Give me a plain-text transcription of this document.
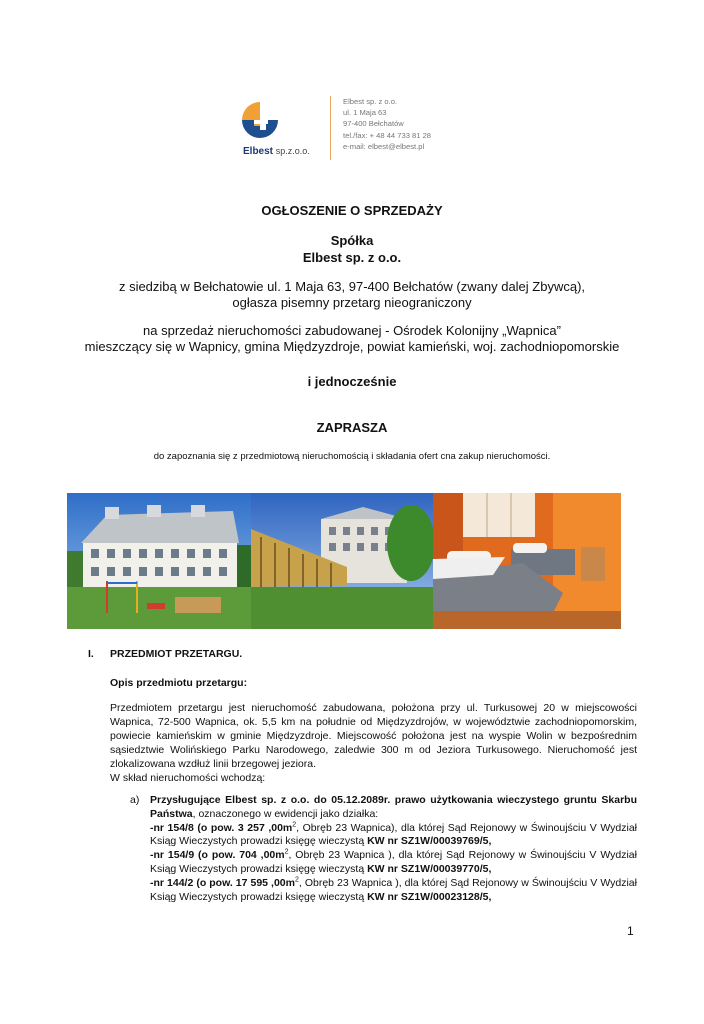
Elbest sp.z.o.o.
Elbest sp. z o.o.
ul. 1 Maja 63
97-400 Bełchatów
tel./fax: + 48 44 733 81 28
e-mail: elbest@elbest.pl
OGŁOSZENIE O SPRZEDAŻY
Spółka
Elbest sp. z o.o.
z siedzibą w Bełchatowie ul. 1 Maja 63, 97-400 Bełchatów (zwany dalej Zbywcą),
ogłasza pisemny przetarg nieograniczony
na sprzedaż nieruchomości zabudowanej - Ośrodek Kolonijny „Wapnica”
mieszczący się w Wapnicy, gmina Międzyzdroje, powiat kamieński, woj. zachodniopomorskie
i jednocześnie
ZAPRASZA
do zapoznania się z przedmiotową nieruchomością i składania ofert cna zakup nieruchomości.
I. PRZEDMIOT PRZETARGU.
Opis przedmiotu przetargu:

Przedmiotem przetargu jest nieruchomość zabudowana, położona przy ul. Turkusowej 20 w miejscowości Wapnica, 72-500 Wapnica, ok. 5,5 km na południe od Międzyzdrojów, w województwie zachodniopomorskim, powiecie kamieńskim w gminie Międzyzdroje. Miejscowość położona jest na wyspie Wolin w bezpośrednim sąsiedztwie Wolińskiego Parku Narodowego, zaledwie 300 m od Jeziora Turkusowego. Nieruchomość jest zlokalizowana wzdłuż linii brzegowej jeziora.

W skład nieruchomości wchodzą:

a) Przysługujące Elbest sp. z o.o. do 05.12.2089r. prawo użytkowania wieczystego gruntu Skarbu Państwa, oznaczonego w ewidencji jako działka:

-nr 154/8 (o pow. 3 257 $,00m^2$, Obręb 23 Wapnica), dla której Sąd Rejonowy w Świnoujściu V Wydział Ksiąg Wieczystych prowadzi księgę wieczystą KW nr SZ1W/00039769/5,

-nr 154/9 (o pow. 704 $,00m^2$, Obręb 23 Wapnica ), dla której Sąd Rejonowy w Świnoujściu V Wydział Ksiąg Wieczystych prowadzi księgę wieczystą KW nr SZ1W/00039770/5,

-nr 144/2 (o pow. 17 595 $,00m^2$, Obręb 23 Wapnica ), dla której Sąd Rejonowy w Świnoujściu V Wydział Ksiąg Wieczystych prowadzi księgę wieczystą KW nr SZ1W/00023128/5,

1
